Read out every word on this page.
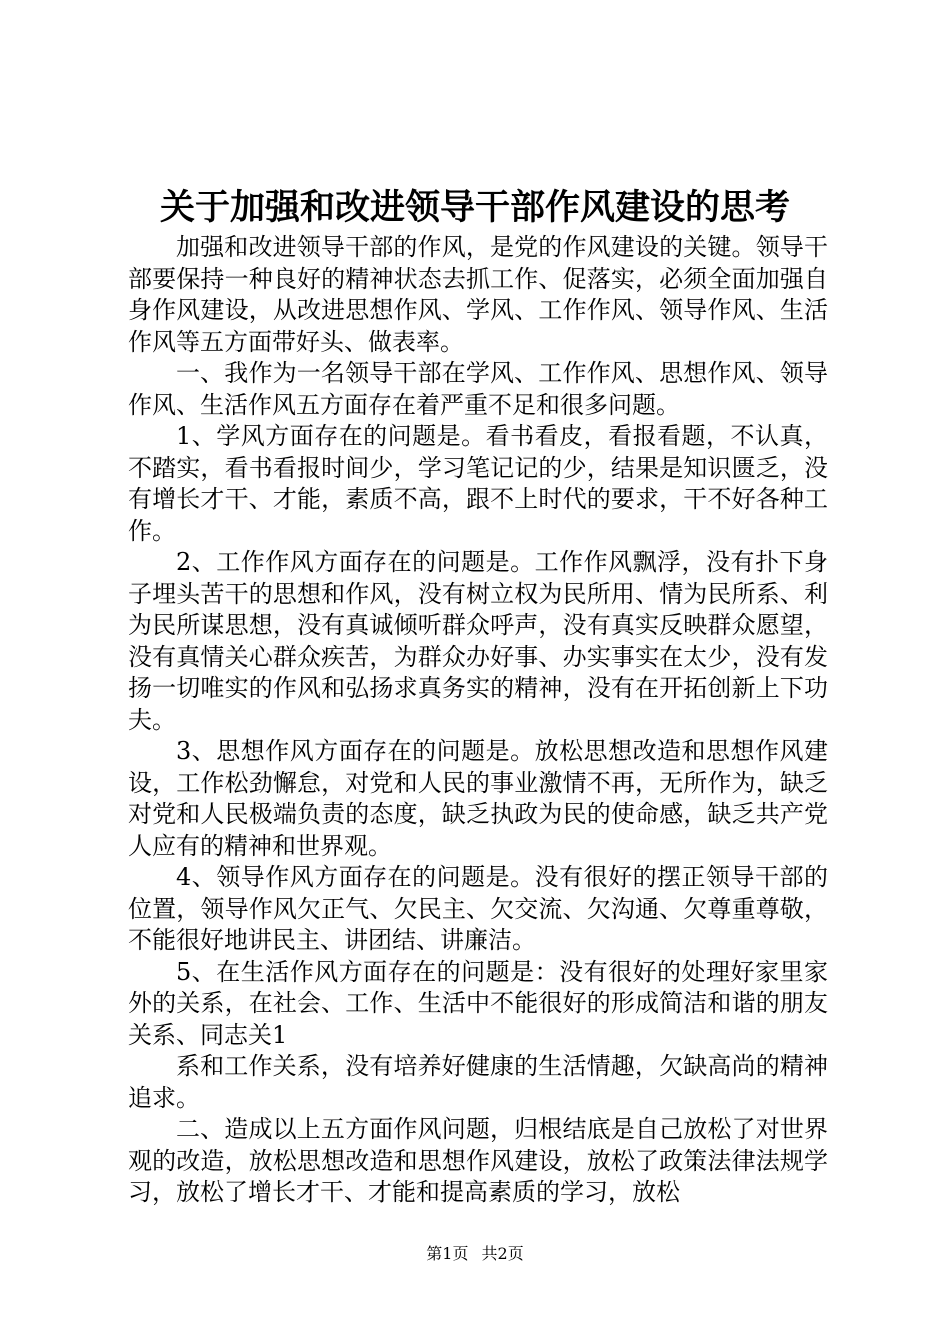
关于加强和改进领导干部作风建设的思考

加强和改进领导干部的作风，是党的作风建设的关键。领导干部要保持一种良好的精神状态去抓工作、促落实，必须全面加强自身作风建设，从改进思想作风、学风、工作作风、领导作风、生活作风等五方面带好头、做表率。

一、我作为一名领导干部在学风、工作作风、思想作风、领导作风、生活作风五方面存在着严重不足和很多问题。

1、学风方面存在的问题是。看书看皮，看报看题，不认真，不踏实，看书看报时间少，学习笔记记的少，结果是知识匮乏，没有增长才干、才能，素质不高，跟不上时代的要求，干不好各种工作。

2、工作作风方面存在的问题是。工作作风飘浮，没有扑下身子埋头苦干的思想和作风，没有树立权为民所用、情为民所系、利为民所谋思想，没有真诚倾听群众呼声，没有真实反映群众愿望，没有真情关心群众疾苦，为群众办好事、办实事实在太少，没有发扬一切唯实的作风和弘扬求真务实的精神，没有在开拓创新上下功夫。

3、思想作风方面存在的问题是。放松思想改造和思想作风建设，工作松劲懈怠，对党和人民的事业激情不再，无所作为，缺乏对党和人民极端负责的态度，缺乏执政为民的使命感，缺乏共产党人应有的精神和世界观。

4、领导作风方面存在的问题是。没有很好的摆正领导干部的位置，领导作风欠正气、欠民主、欠交流、欠沟通、欠尊重尊敬，不能很好地讲民主、讲团结、讲廉洁。

5、在生活作风方面存在的问题是：没有很好的处理好家里家外的关系，在社会、工作、生活中不能很好的形成简洁和谐的朋友关系、同志关1

系和工作关系，没有培养好健康的生活情趣，欠缺高尚的精神追求。

二、造成以上五方面作风问题，归根结底是自己放松了对世界观的改造，放松思想改造和思想作风建设，放松了政策法律法规学习，放松了增长才干、才能和提高素质的学习，放松

第1页 共2页
